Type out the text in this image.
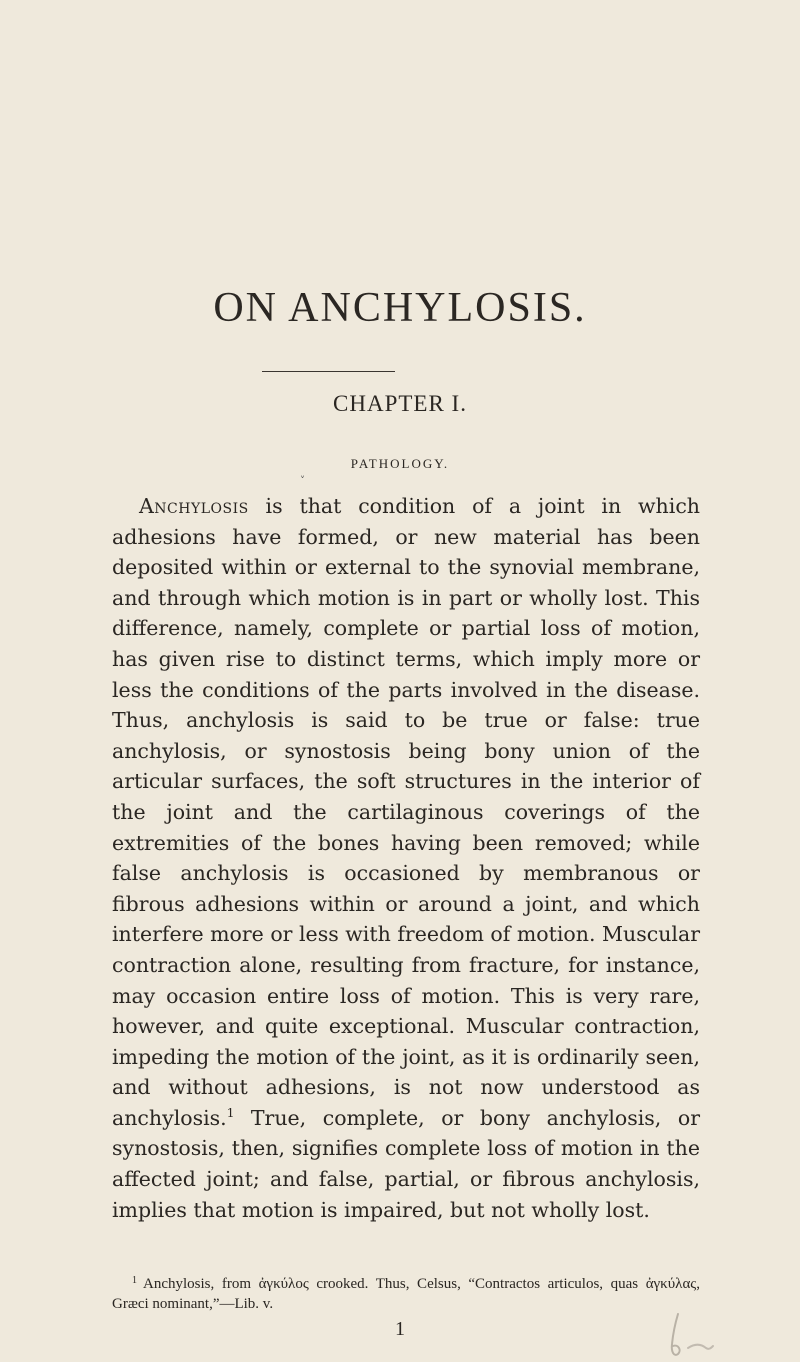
ON ANCHYLOSIS.
CHAPTER I.
PATHOLOGY.
˅

Anchylosis is that condition of a joint in which adhesions have formed, or new material has been deposited within or external to the synovial membrane, and through which motion is in part or wholly lost. This difference, namely, complete or partial loss of motion, has given rise to distinct terms, which imply more or less the conditions of the parts involved in the disease. Thus, anchylosis is said to be true or false: true anchylosis, or synostosis being bony union of the articular surfaces, the soft structures in the interior of the joint and the cartilaginous coverings of the extremities of the bones having been removed; while false anchylosis is occasioned by membranous or fibrous adhesions within or around a joint, and which interfere more or less with freedom of motion. Muscular contraction alone, resulting from fracture, for instance, may occasion entire loss of motion. This is very rare, however, and quite exceptional. Muscular contraction, impeding the motion of the joint, as it is ordinarily seen, and without adhesions, is not now understood as anchylosis.$^1$ True, complete, or bony anchylosis, or synostosis, then, signifies complete loss of motion in the affected joint; and false, partial, or fibrous anchylosis, implies that motion is impaired, but not wholly lost.

$^1$ Anchylosis, from ἀγκύλος crooked. Thus, Celsus, “Contractos articulos, quas ἀγκύλας, Græci nominant,”—Lib. v.

1
